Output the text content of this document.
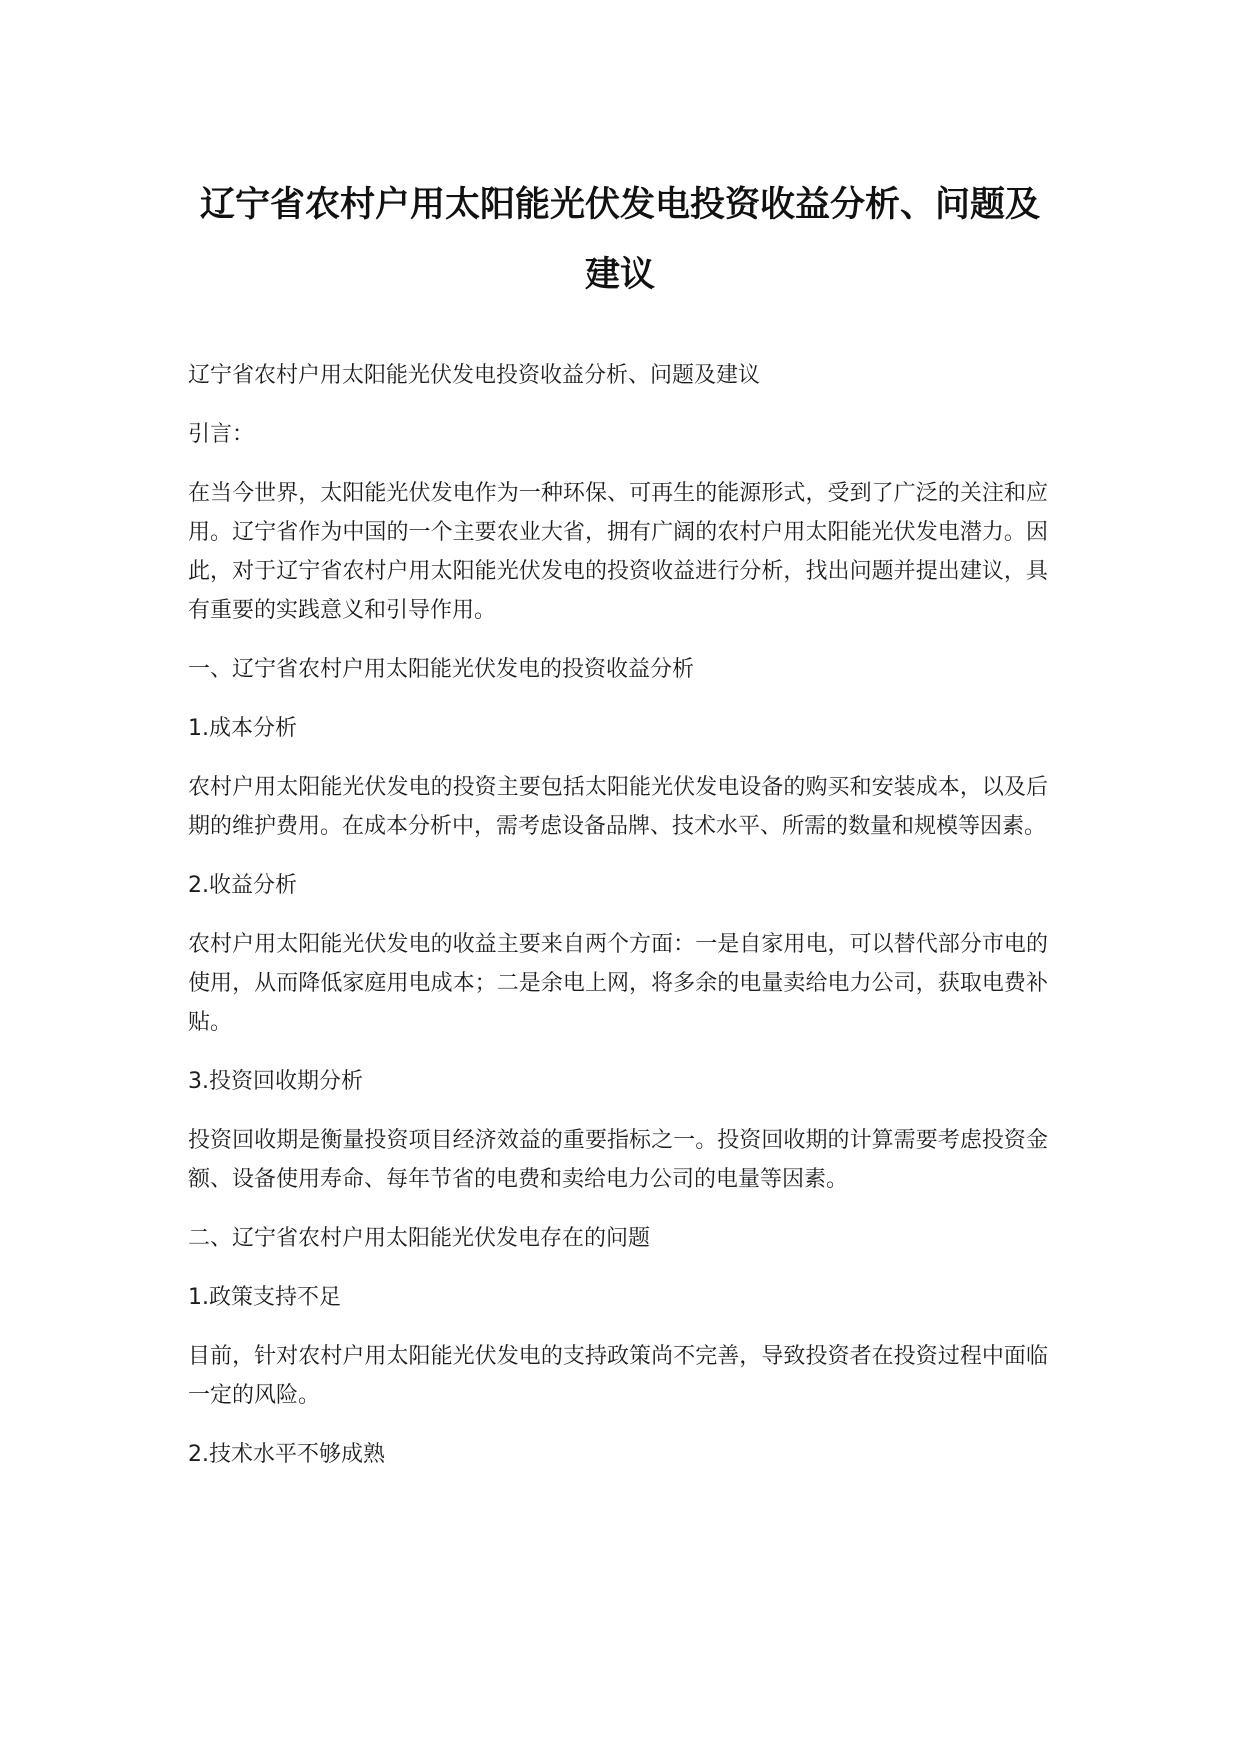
辽宁省农村户用太阳能光伏发电投资收益分析、问题及建议

辽宁省农村户用太阳能光伏发电投资收益分析、问题及建议

引言：

在当今世界，太阳能光伏发电作为一种环保、可再生的能源形式，受到了广泛的关注和应用。辽宁省作为中国的一个主要农业大省，拥有广阔的农村户用太阳能光伏发电潜力。因此，对于辽宁省农村户用太阳能光伏发电的投资收益进行分析，找出问题并提出建议，具有重要的实践意义和引导作用。

一、辽宁省农村户用太阳能光伏发电的投资收益分析

1.成本分析

农村户用太阳能光伏发电的投资主要包括太阳能光伏发电设备的购买和安装成本，以及后期的维护费用。在成本分析中，需考虑设备品牌、技术水平、所需的数量和规模等因素。

2.收益分析

农村户用太阳能光伏发电的收益主要来自两个方面：一是自家用电，可以替代部分市电的使用，从而降低家庭用电成本；二是余电上网，将多余的电量卖给电力公司，获取电费补贴。

3.投资回收期分析

投资回收期是衡量投资项目经济效益的重要指标之一。投资回收期的计算需要考虑投资金额、设备使用寿命、每年节省的电费和卖给电力公司的电量等因素。

二、辽宁省农村户用太阳能光伏发电存在的问题

1.政策支持不足

目前，针对农村户用太阳能光伏发电的支持政策尚不完善，导致投资者在投资过程中面临一定的风险。

2.技术水平不够成熟
